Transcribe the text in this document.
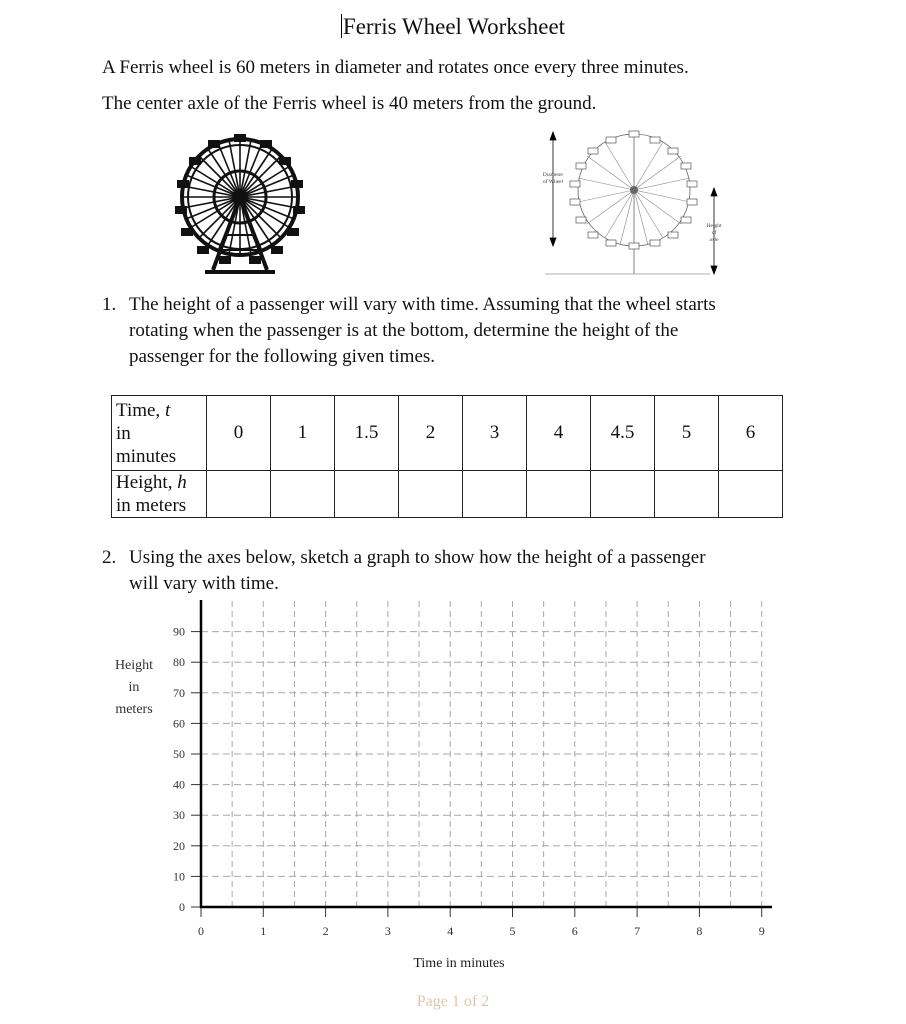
Ferris Wheel Worksheet
A Ferris wheel is 60 meters in diameter and rotates once every three minutes.
The center axle of the Ferris wheel is 40 meters from the ground.
Diameter
of Wheel
Height
of
axle
1. The height of a passenger will vary with time. Assuming that the wheel starts
rotating when the passenger is at the bottom, determine the height of the
passenger for the following given times.
Time, t
in
minutes	0	1	1.5	2	3	4	4.5	5	6
Height, h
in meters									
2. Using the axes below, sketch a graph to show how the height of a passenger
will vary with time.
Height
in
meters
0
10
20
30
40
50
60
70
80
90
0	1	2	3	4	5	6	7	8	9
Time in minutes
Page 1 of 2
